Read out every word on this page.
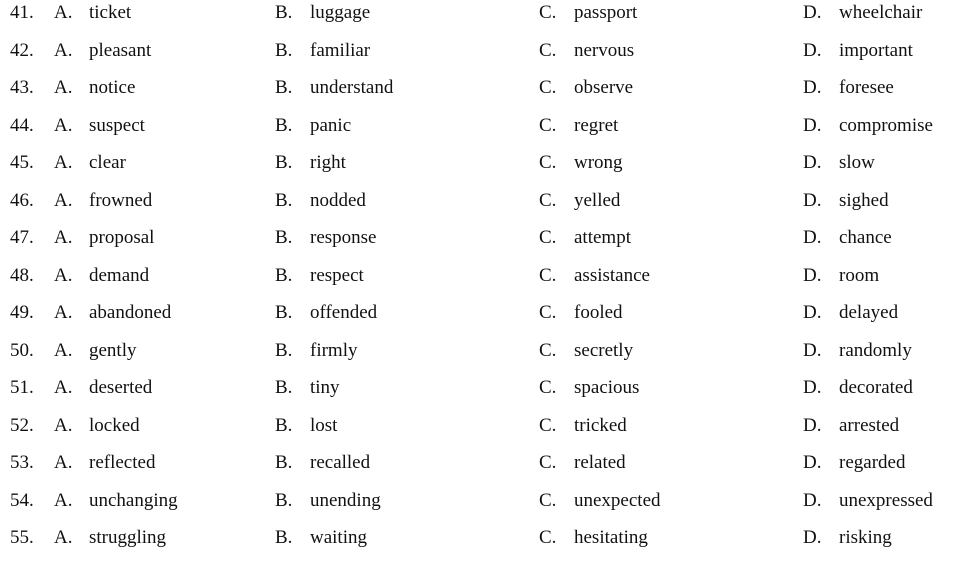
41.	A. ticket	B. luggage	C. passport	D. wheelchair
42.	A. pleasant	B. familiar	C. nervous	D. important
43.	A. notice	B. understand	C. observe	D. foresee
44.	A. suspect	B. panic	C. regret	D. compromise
45.	A. clear	B. right	C. wrong	D. slow
46.	A. frowned	B. nodded	C. yelled	D. sighed
47.	A. proposal	B. response	C. attempt	D. chance
48.	A. demand	B. respect	C. assistance	D. room
49.	A. abandoned	B. offended	C. fooled	D. delayed
50.	A. gently	B. firmly	C. secretly	D. randomly
51.	A. deserted	B. tiny	C. spacious	D. decorated
52.	A. locked	B. lost	C. tricked	D. arrested
53.	A. reflected	B. recalled	C. related	D. regarded
54.	A. unchanging	B. unending	C. unexpected	D. unexpressed
55.	A. struggling	B. waiting	C. hesitating	D. risking
